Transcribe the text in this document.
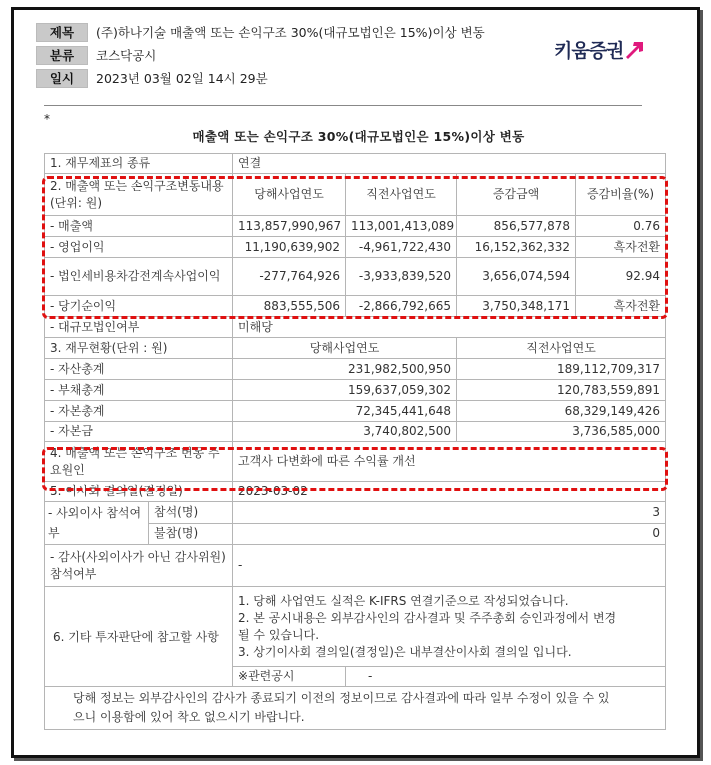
제목	(주)하나기술 매출액 또는 손익구조 30%(대규모법인은 15%)이상 변동
분류	코스닥공시
일시	2023년 03월 02일 14시 29분
키움증권
*
매출액 또는 손익구조 30%(대규모법인은 15%)이상 변동
1. 재무제표의 종류		연결			
2. 매출액 또는 손익구조변동내용(단위: 원)		당해사업연도	직전사업연도	증감금액	증감비율(%)
- 매출액		113,857,990,967	113,001,413,089	856,577,878	0.76
- 영업이익		11,190,639,902	-4,961,722,430	16,152,362,332	흑자전환
- 법인세비용차감전계속사업이익		-277,764,926	-3,933,839,520	3,656,074,594	92.94
- 당기순이익		883,555,506	-2,866,792,665	3,750,348,171	흑자전환
- 대규모법인여부		미해당			
3. 재무현황(단위 : 원)		당해사업연도		직전사업연도	
- 자산총계		231,982,500,950		189,112,709,317	
- 부채총계		159,637,059,302		120,783,559,891	
- 자본총계		72,345,441,648		68,329,149,426	
- 자본금		3,740,802,500		3,736,585,000	
4. 매출액 또는 손익구조 변동 주요원인		고객사 다변화에 따른 수익률 개선			
5. 이사회 결의일(결정일)		2023-03-02			
- 사외이사 참석여부	참석(명)	3			
	불참(명)	0			
- 감사(사외이사가 아닌 감사위원)참석여부		-			
6. 기타 투자판단에 참고할 사항		1. 당해 사업연도 실적은 K-IFRS 연결기준으로 작성되었습니다.

2. 본 공시내용은 외부감사인의 감사결과 및 주주총회 승인과정에서 변경

될 수 있습니다.

3. 상기이사회 결의일(결정일)은 내부결산이사회 결의일 입니다.			

		※관련공시	-		

당해 정보는 외부감사인의 감사가 종료되기 이전의 정보이므로 감사결과에 따라 일부 수정이 있을 수 있
으니 이용함에 있어 착오 없으시기 바랍니다.					
